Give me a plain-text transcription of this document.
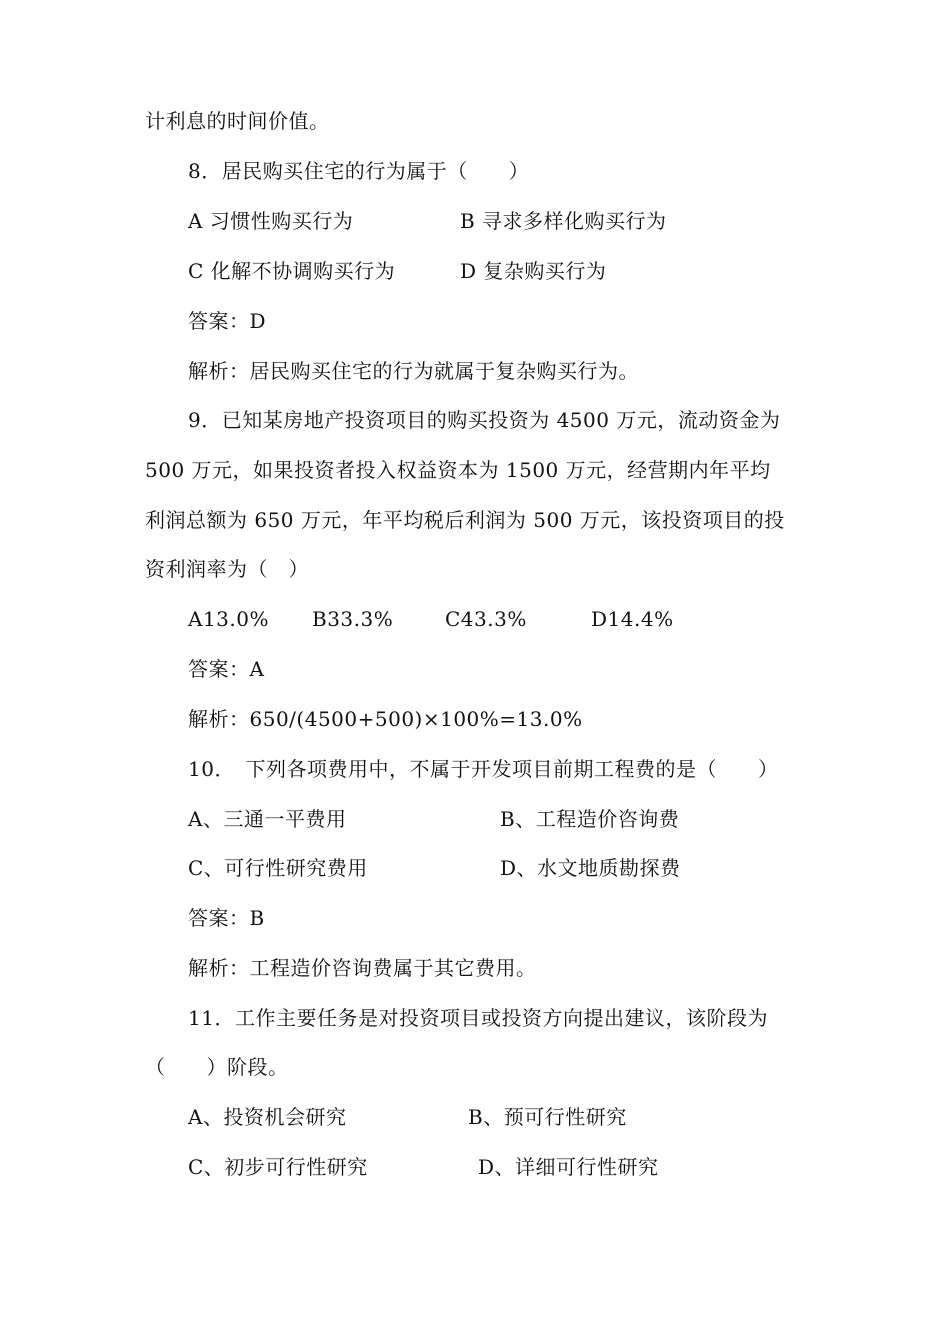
计利息的时间价值。
8．居民购买住宅的行为属于（　　）
A 习惯性购买行为	B 寻求多样化购买行为
C 化解不协调购买行为	D 复杂购买行为
答案：D
解析：居民购买住宅的行为就属于复杂购买行为。
9．已知某房地产投资项目的购买投资为 4500 万元，流动资金为
500 万元，如果投资者投入权益资本为 1500 万元，经营期内年平均
利润总额为 650 万元，年平均税后利润为 500 万元，该投资项目的投
资利润率为（　）
A13.0% B33.3%	C43.3%	D14.4%
答案：A
解析：650/(4500+500)×100%=13.0%
10．　下列各项费用中，不属于开发项目前期工程费的是（　　）
A、三通一平费用	B、工程造价咨询费
C、可行性研究费用	D、水文地质勘探费
答案：B
解析：工程造价咨询费属于其它费用。
11．工作主要任务是对投资项目或投资方向提出建议，该阶段为
（　　）阶段。
A、投资机会研究	B、预可行性研究
C、初步可行性研究	D、详细可行性研究
